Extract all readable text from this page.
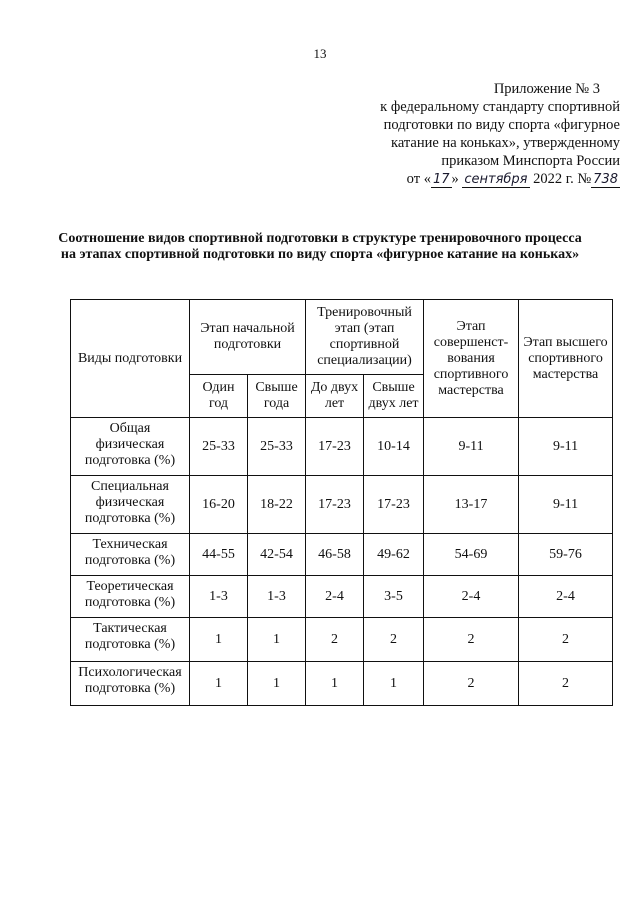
13
Приложение № 3
к федеральному стандарту спортивной
подготовки по виду спорта «фигурное
катание на коньках», утвержденному
приказом Минспорта России
от « 17 » сентября 2022 г. № 738
Соотношение видов спортивной подготовки в структуре тренировочного процесса на этапах спортивной подготовки по виду спорта «фигурное катание на коньках»
Виды подготовки	Этап начальной подготовки		Тренировочный этап (этап спортивной специализации)		Этап совершенст-вования спортивного мастерства	Этап высшего спортивного мастерства
	Один год	Свыше года	До двух лет	Свыше двух лет		
Общая физическая подготовка (%)	25-33	25-33	17-23	10-14	9-11	9-11
Специальная физическая подготовка (%)	16-20	18-22	17-23	17-23	13-17	9-11
Техническая подготовка (%)	44-55	42-54	46-58	49-62	54-69	59-76
Теоретическая подготовка (%)	1-3	1-3	2-4	3-5	2-4	2-4
Тактическая подготовка (%)	1	1	2	2	2	2
Психологическая подготовка (%)	1	1	1	1	2	2
